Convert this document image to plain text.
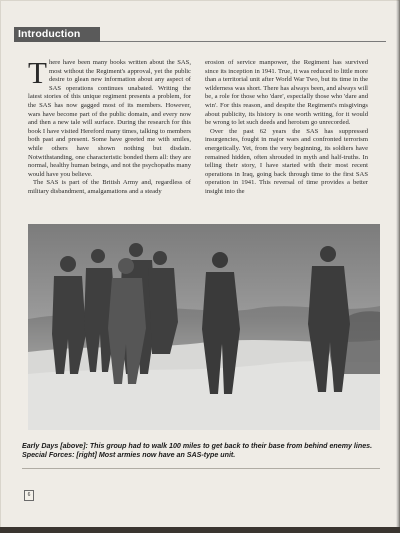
Introduction

There have been many books written about the SAS, most without the Regiment's approval, yet the public desire to glean new information about any aspect of SAS operations continues unabated. Writing the latest stories of this unique regiment presents a problem, for the SAS has now gagged most of its members. However, wars have become part of the public domain, and every now and then a new tale will surface. During the research for this book I have visited Hereford many times, talking to members both past and present. Some have greeted me with smiles, while others have shown nothing but disdain. Notwithstanding, one characteristic bonded them all: they are normal, healthy human beings, and not the psychopaths many would have you believe.

The SAS is part of the British Army and, regardless of military disbandment, amalgamations and a steady

erosion of service manpower, the Regiment has survived since its inception in 1941. True, it was reduced to little more than a territorial unit after World War Two, but its time in the wilderness was short. There has always been, and always will be, a role for those who 'dare', especially those who 'dare and win'. For this reason, and despite the Regiment's misgivings about publicity, its history is one worth writing, for it would be wrong to let such deeds and heroism go unrecorded.

Over the past 62 years the SAS has suppressed insurgencies, fought in major wars and confronted terrorism energetically. Yet, from the very beginning, its soldiers have remained hidden, often shrouded in myth and half-truths. In telling their story, I have started with their most recent operations in Iraq, going back through time to the first SAS operation in 1941. This reversal of time provides a better insight into the

Early Days [above]: This group had to walk 100 miles to get back to their base from behind enemy lines. Special Forces: [right] Most armies now have an SAS-type unit.
6
